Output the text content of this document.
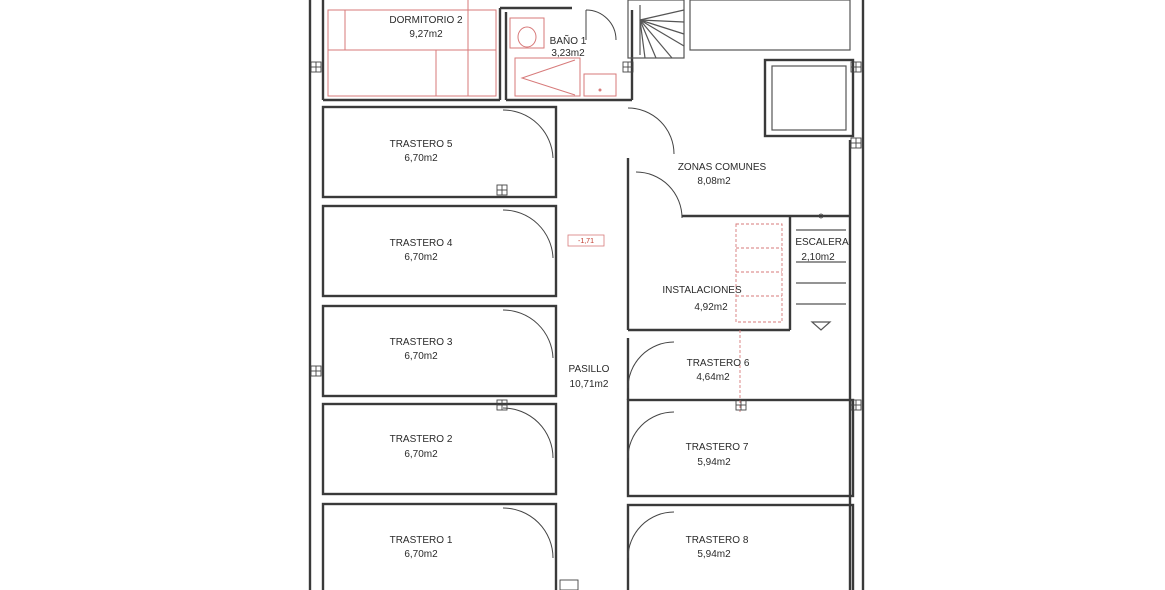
-1,71
DORMITORIO 2
9,27m2
BAÑO 1
3,23m2
TRASTERO 5
6,70m2
TRASTERO 4
6,70m2
TRASTERO 3
6,70m2
TRASTERO 2
6,70m2
TRASTERO 1
6,70m2
ZONAS COMUNES
8,08m2
ESCALERA
2,10m2
INSTALACIONES
4,92m2
PASILLO
10,71m2
TRASTERO 6
4,64m2
TRASTERO 7
5,94m2
TRASTERO 8
5,94m2
